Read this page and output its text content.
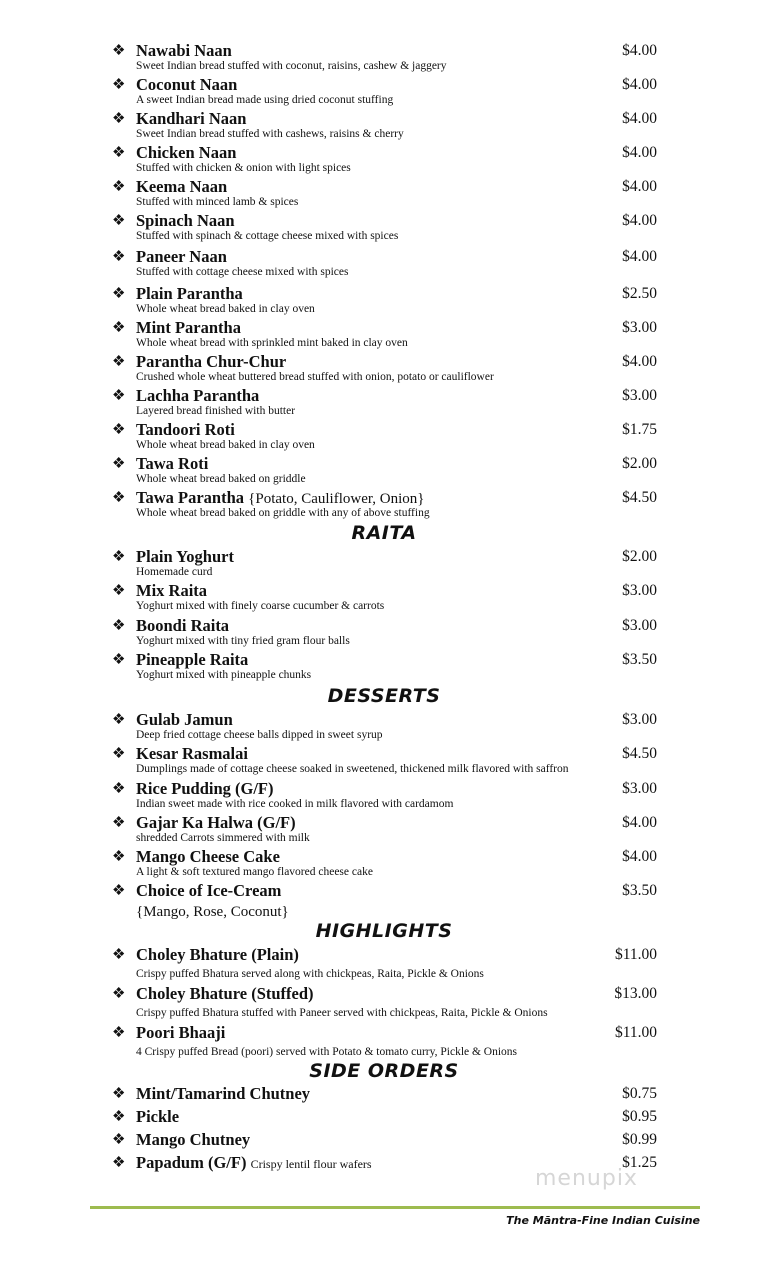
❖ Nawabi Naan
Sweet Indian bread stuffed with coconut, raisins, cashew & jaggery
$4.00
❖ Coconut Naan
A sweet Indian bread made using dried coconut stuffing
$4.00
❖ Kandhari Naan
Sweet Indian bread stuffed with cashews, raisins & cherry
$4.00
❖ Chicken Naan
Stuffed with chicken & onion with light spices
$4.00
❖ Keema Naan
Stuffed with minced lamb & spices
$4.00
❖ Spinach Naan
Stuffed with spinach & cottage cheese mixed with spices
$4.00
❖ Paneer Naan
Stuffed with cottage cheese mixed with spices
$4.00
❖ Plain Parantha
Whole wheat bread baked in clay oven
$2.50
❖ Mint Parantha
Whole wheat bread with sprinkled mint baked in clay oven
$3.00
❖ Parantha Chur-Chur
Crushed whole wheat buttered bread stuffed with onion, potato or cauliflower
$4.00
❖ Lachha Parantha
Layered bread finished with butter
$3.00
❖ Tandoori Roti
Whole wheat bread baked in clay oven
$1.75
❖ Tawa Roti
Whole wheat bread baked on griddle
$2.00
❖ Tawa Parantha {Potato, Cauliflower, Onion}
Whole wheat bread baked on griddle with any of above stuffing
$4.50
RAITA
❖ Plain Yoghurt
Homemade curd
$2.00
❖ Mix Raita
Yoghurt mixed with finely coarse cucumber & carrots
$3.00
❖ Boondi Raita
Yoghurt mixed with tiny fried gram flour balls
$3.00
❖ Pineapple Raita
Yoghurt mixed with pineapple chunks
$3.50
DESSERTS
❖ Gulab Jamun
Deep fried cottage cheese balls dipped in sweet syrup
$3.00
❖ Kesar Rasmalai
Dumplings made of cottage cheese soaked in sweetened, thickened milk flavored with saffron
$4.50
❖ Rice Pudding (G/F)
Indian sweet made with rice cooked in milk flavored with cardamom
$3.00
❖ Gajar Ka Halwa (G/F)
shredded Carrots simmered with milk
$4.00
❖ Mango Cheese Cake
A light & soft textured mango flavored cheese cake
$4.00
❖ Choice of Ice-Cream
{Mango, Rose, Coconut}
$3.50
HIGHLIGHTS
❖ Choley Bhature (Plain)
Crispy puffed Bhatura served along with chickpeas, Raita, Pickle & Onions
$11.00
❖ Choley Bhature (Stuffed)
Crispy puffed Bhatura stuffed with Paneer served with chickpeas, Raita, Pickle & Onions
$13.00
❖ Poori Bhaaji
4 Crispy puffed Bread (poori) served with Potato & tomato curry, Pickle & Onions
$11.00
SIDE ORDERS
❖ Mint/Tamarind Chutney	$0.75
❖ Pickle	$0.95
❖ Mango Chutney	$0.99
❖ Papadum (G/F) Crispy lentil flour wafers	$1.25
menupix
The Māntra-Fine Indian Cuisine
